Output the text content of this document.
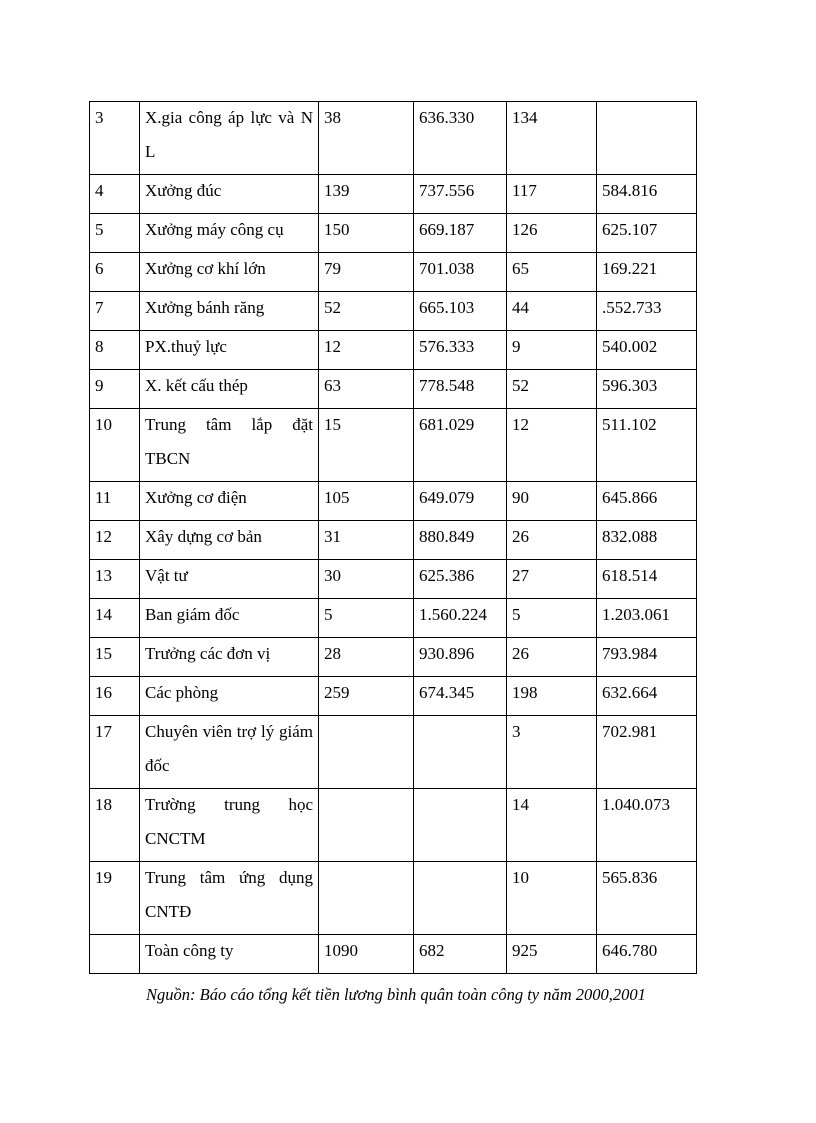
3	X.gia công áp lực và N L	38	636.330	134	

4	Xưởng đúc	139	737.556	117	584.816

5	Xưởng máy công cụ	150	669.187	126	625.107

6	Xưởng cơ khí lớn	79	701.038	65	169.221

7	Xưởng bánh răng	52	665.103	44	.552.733

8	PX.thuỷ lực	12	576.333	9	540.002

9	X. kết cấu thép	63	778.548	52	596.303

10	Trung tâm lắp đặt TBCN	15	681.029	12	511.102

11	Xưởng cơ điện	105	649.079	90	645.866

12	Xây dựng cơ bản	31	880.849	26	832.088

13	Vật tư	30	625.386	27	618.514

14	Ban giám đốc	5	1.560.224	5	1.203.061

15	Trưởng các đơn vị	28	930.896	26	793.984

16	Các phòng	259	674.345	198	632.664

17	Chuyên viên trợ lý giám đốc			3	702.981

18	Trường trung học CNCTM			14	1.040.073

19	Trung tâm ứng dụng CNTĐ			10	565.836

	Toàn công ty	1090	682	925	646.780
Nguồn: Báo cáo tổng kết tiền lương bình quân toàn công ty năm 2000,2001
